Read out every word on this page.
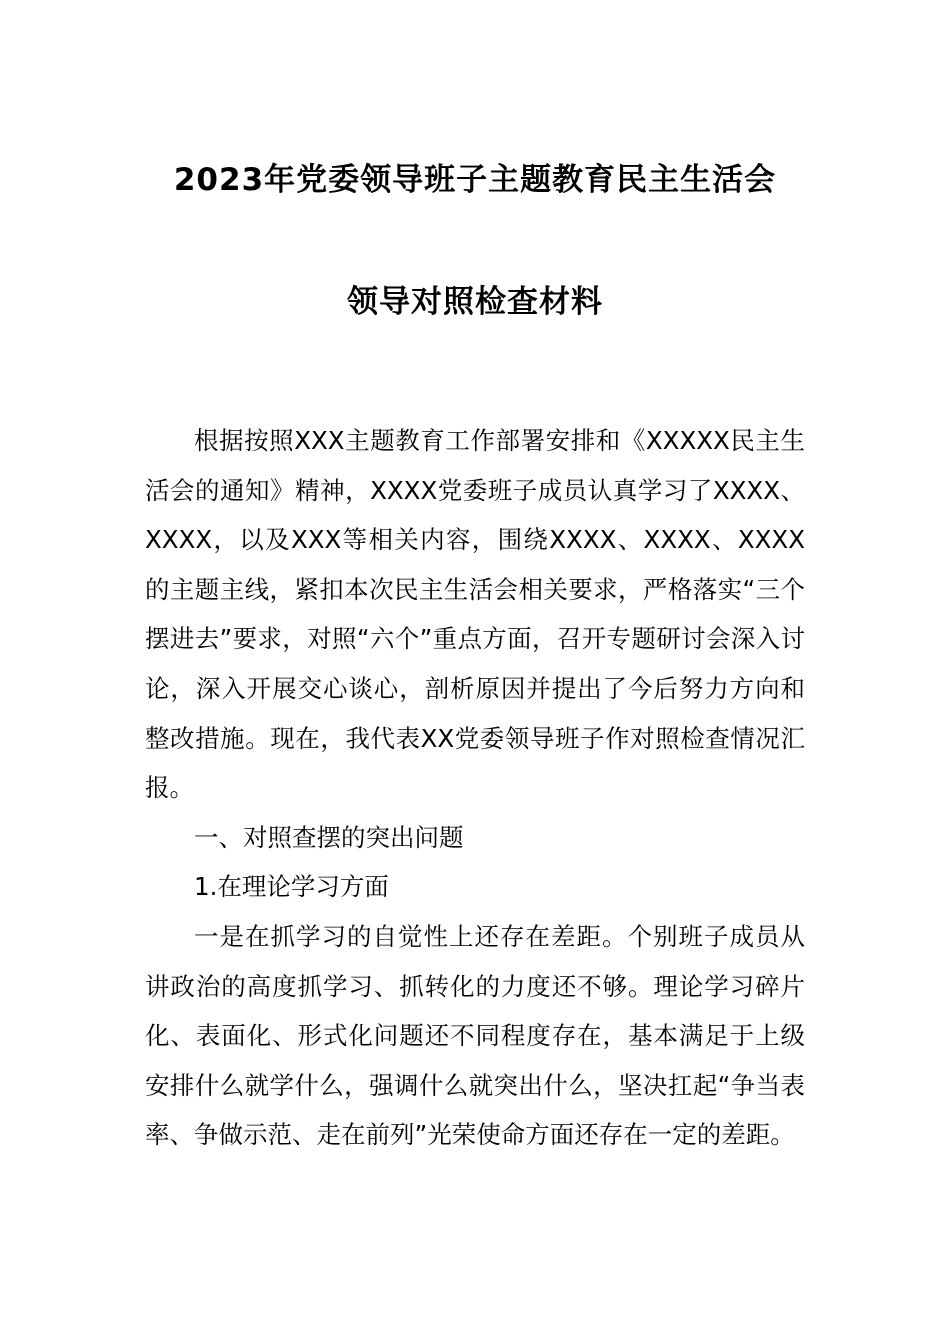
2023年党委领导班子主题教育民主生活会
领导对照检查材料

根据按照XXX主题教育工作部署安排和《XXXXX民主生活会的通知》精神，XXXX党委班子成员认真学习了XXXX、XXXX，以及XXX等相关内容，围绕XXXX、XXXX、XXXX的主题主线，紧扣本次民主生活会相关要求，严格落实“三个摆进去”要求，对照“六个”重点方面，召开专题研讨会深入讨论，深入开展交心谈心，剖析原因并提出了今后努力方向和整改措施。现在，我代表XX党委领导班子作对照检查情况汇报。

一、对照查摆的突出问题

1.在理论学习方面

一是在抓学习的自觉性上还存在差距。个别班子成员从讲政治的高度抓学习、抓转化的力度还不够。理论学习碎片化、表面化、形式化问题还不同程度存在，基本满足于上级安排什么就学什么，强调什么就突出什么，坚决扛起“争当表率、争做示范、走在前列”光荣使命方面还存在一定的差距。
